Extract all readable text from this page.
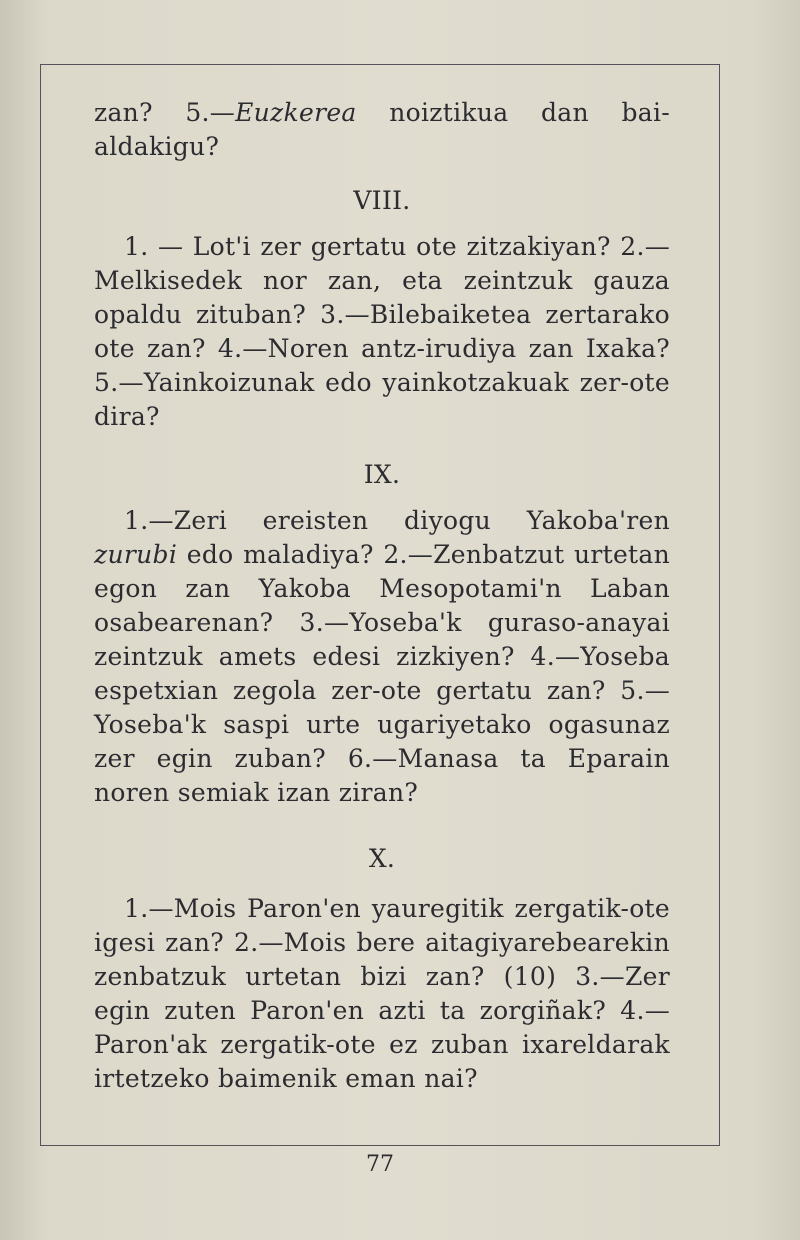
zan? 5.—Euzkerea noiztikua dan bai-aldakigu?

VIII.

1. — Lot'i zer gertatu ote zitzakiyan? 2.—Melkisedek nor zan, eta zeintzuk gauza opaldu zituban? 3.—Bilebaiketea zertarako ote zan? 4.—Noren antz-irudiya zan Ixaka? 5.—Yainkoizunak edo yainkotzakuak zer-ote dira?

IX.

1.—Zeri ereisten diyogu Yakoba'ren zurubi edo maladiya? 2.—Zenbatzut urtetan egon zan Yakoba Mesopotami'n Laban osabearenan? 3.—Yoseba'k guraso-anayai zeintzuk amets edesi zizkiyen? 4.—Yoseba espetxian zegola zer-ote gertatu zan? 5.—Yoseba'k saspi urte ugariyetako ogasunaz zer egin zuban? 6.—Manasa ta Eparain noren semiak izan ziran?

X.

1.—Mois Paron'en yauregitik zergatik-ote igesi zan? 2.—Mois bere aitagiyarebearekin zenbatzuk urtetan bizi zan? (10) 3.—Zer egin zuten Paron'en azti ta zorgiñak? 4.—Paron'ak zergatik-ote ez zuban ixareldarak irtetzeko baimenik eman nai?

77
